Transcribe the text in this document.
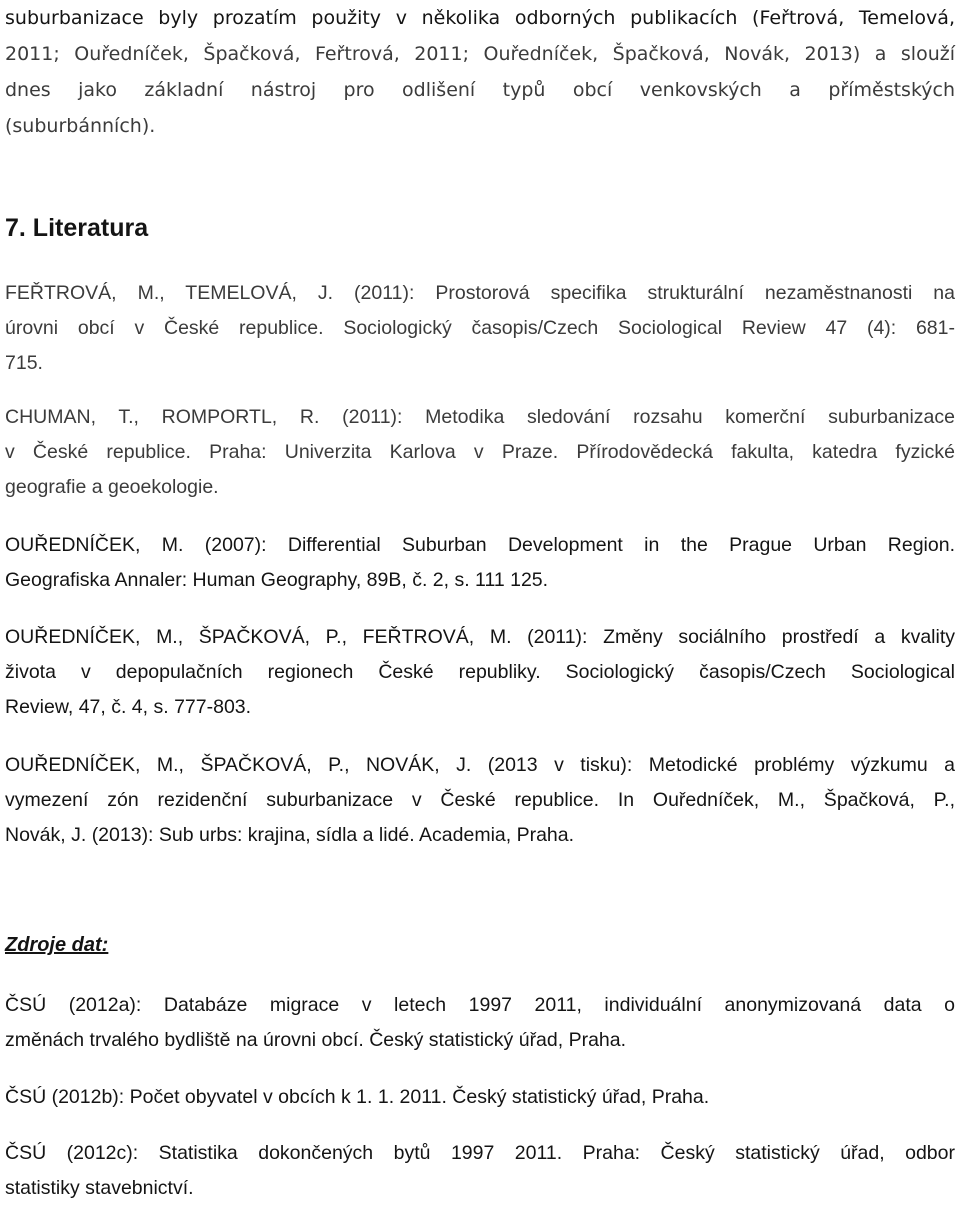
suburbanizace byly prozatím použity v několika odborných publikacích (Feřtrová, Temelová,
2011; Ouředníček, Špačková, Feřtrová, 2011; Ouředníček, Špačková, Novák, 2013) a slouží
dnes jako základní nástroj pro odlišení typů obcí venkovských a příměstských
(suburbánních).
7. Literatura
FEŘTROVÁ, M., TEMELOVÁ, J. (2011): Prostorová specifika strukturální nezaměstnanosti na
úrovni obcí v České republice. Sociologický časopis/Czech Sociological Review 47 (4): 681-
715.
CHUMAN, T., ROMPORTL, R. (2011): Metodika sledování rozsahu komerční suburbanizace
v České republice. Praha: Univerzita Karlova v Praze. Přírodovědecká fakulta, katedra fyzické
geografie a geoekologie.
OUŘEDNÍČEK, M. (2007): Differential Suburban Development in the Prague Urban Region.
Geografiska Annaler: Human Geography, 89B, č. 2, s. 111 125.
OUŘEDNÍČEK, M., ŠPAČKOVÁ, P., FEŘTROVÁ, M. (2011): Změny sociálního prostředí a kvality
života v depopulačních regionech České republiky. Sociologický časopis/Czech Sociological
Review, 47, č. 4, s. 777-803.
OUŘEDNÍČEK, M., ŠPAČKOVÁ, P., NOVÁK, J. (2013 v tisku): Metodické problémy výzkumu a
vymezení zón rezidenční suburbanizace v České republice. In Ouředníček, M., Špačková, P.,
Novák, J. (2013): Sub urbs: krajina, sídla a lidé. Academia, Praha.
Zdroje dat:
ČSÚ (2012a): Databáze migrace v letech 1997 2011, individuální anonymizovaná data o
změnách trvalého bydliště na úrovni obcí. Český statistický úřad, Praha.
ČSÚ (2012b): Počet obyvatel v obcích k 1. 1. 2011. Český statistický úřad, Praha.
ČSÚ (2012c): Statistika dokončených bytů 1997 2011. Praha: Český statistický úřad, odbor
statistiky stavebnictví.
